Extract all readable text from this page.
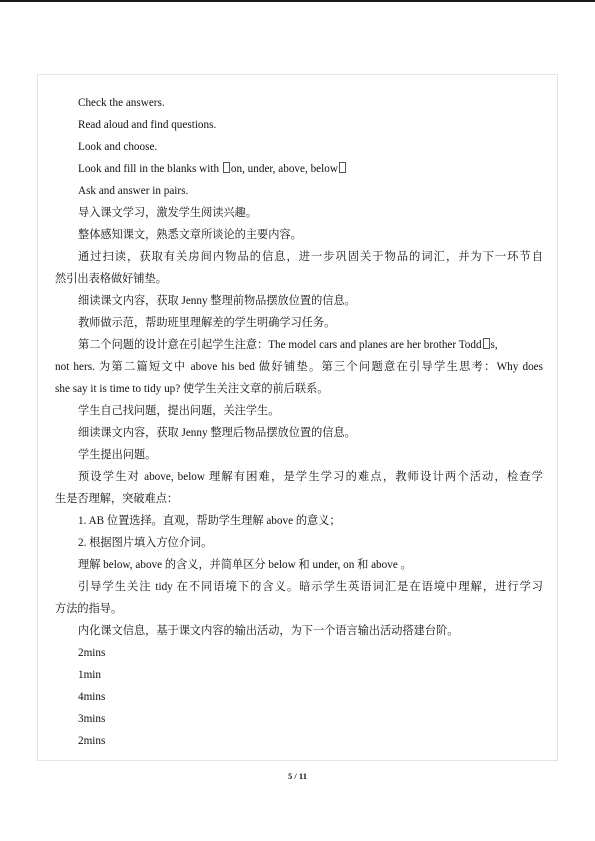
Check the answers.
Read aloud and find questions.
Look and choose.
Look and fill in the blanks with on, under, above, below
Ask and answer in pairs.
导入课文学习，激发学生阅读兴趣。
整体感知课文，熟悉文章所谈论的主要内容。
通过扫读，获取有关房间内物品的信息，进一步巩固关于物品的词汇，并为下一环节自
然引出表格做好铺垫。
细读课文内容，获取 Jenny 整理前物品摆放位置的信息。
教师做示范，帮助班里理解差的学生明确学习任务。
第二个问题的设计意在引起学生注意：The model cars and planes are her brother Todd s,
not hers. 为第二篇短文中 above his bed 做好铺垫。第三个问题意在引导学生思考：Why does
she say it is time to tidy up? 使学生关注文章的前后联系。
学生自己找问题，提出问题，关注学生。
细读课文内容，获取 Jenny 整理后物品摆放位置的信息。
学生提出问题。
预设学生对 above, below 理解有困难，是学生学习的难点，教师设计两个活动，检查学
生是否理解，突破难点：
1. AB 位置选择。直观，帮助学生理解 above 的意义；
2. 根据图片填入方位介词。
理解 below, above 的含义，并简单区分 below 和 under, on 和 above 。
引导学生关注 tidy 在不同语境下的含义。暗示学生英语词汇是在语境中理解，进行学习
方法的指导。
内化课文信息，基于课文内容的输出活动，为下一个语言输出活动搭建台阶。
2mins
1min
4mins
3mins
2mins
5 / 11
